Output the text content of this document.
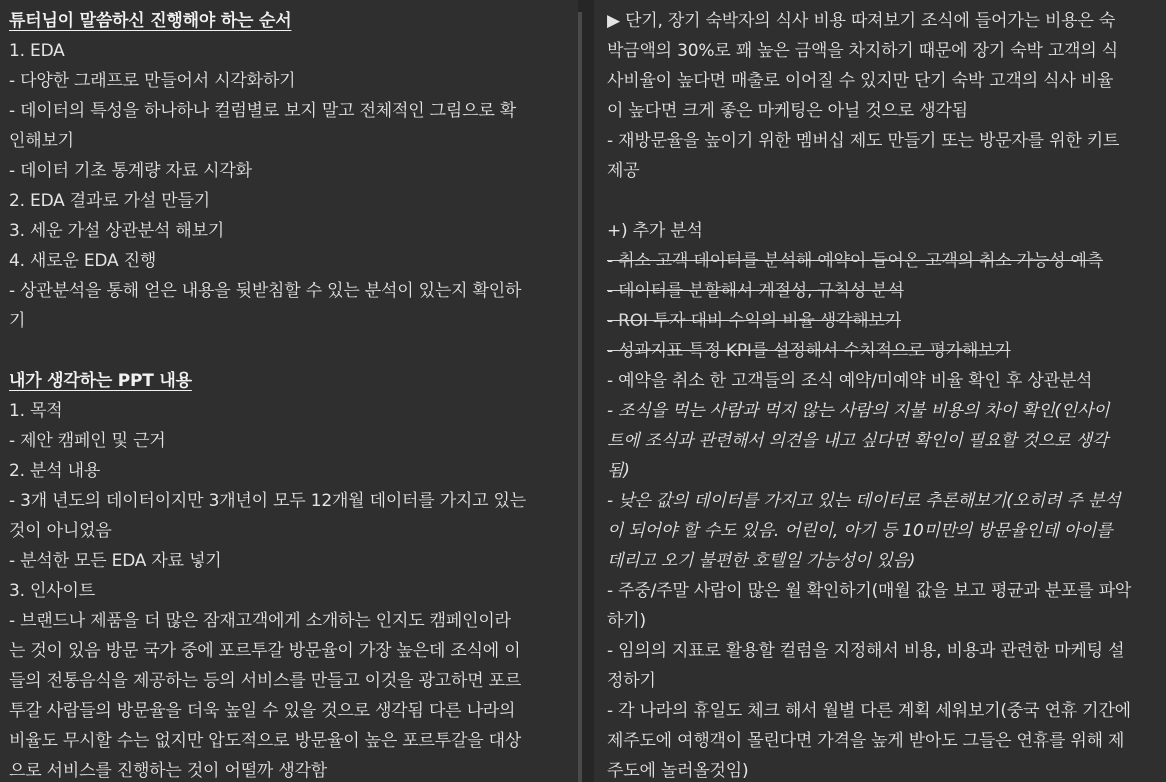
튜터님이 말씀하신 진행해야 하는 순서
1. EDA
- 다양한 그래프로 만들어서 시각화하기
- 데이터의 특성을 하나하나 컬럼별로 보지 말고 전체적인 그림으로 확
인해보기
- 데이터 기초 통계량 자료 시각화
2. EDA 결과로 가설 만들기
3. 세운 가설 상관분석 해보기
4. 새로운 EDA 진행
- 상관분석을 통해 얻은 내용을 뒷받침할 수 있는 분석이 있는지 확인하
기
내가 생각하는 PPT 내용
1. 목적
- 제안 캠페인 및 근거
2. 분석 내용
- 3개 년도의 데이터이지만 3개년이 모두 12개월 데이터를 가지고 있는
것이 아니었음
- 분석한 모든 EDA 자료 넣기
3. 인사이트
- 브랜드나 제품을 더 많은 잠재고객에게 소개하는 인지도 캠페인이라
는 것이 있음 방문 국가 중에 포르투갈 방문율이 가장 높은데 조식에 이
들의 전통음식을 제공하는 등의 서비스를 만들고 이것을 광고하면 포르
투갈 사람들의 방문율을 더욱 높일 수 있을 것으로 생각됨 다른 나라의
비율도 무시할 수는 없지만 압도적으로 방문율이 높은 포르투갈을 대상
으로 서비스를 진행하는 것이 어떨까 생각함
▶ 단기, 장기 숙박자의 식사 비용 따져보기 조식에 들어가는 비용은 숙
박금액의 30%로 꽤 높은 금액을 차지하기 때문에 장기 숙박 고객의 식
사비율이 높다면 매출로 이어질 수 있지만 단기 숙박 고객의 식사 비율
이 높다면 크게 좋은 마케팅은 아닐 것으로 생각됨
- 재방문율을 높이기 위한 멤버십 제도 만들기 또는 방문자를 위한 키트
제공
+) 추가 분석
- 취소 고객 데이터를 분석해 예약이 들어온 고객의 취소 가능성 예측
- 데이터를 분할해서 계절성, 규칙성 분석
- ROI 투자 대비 수익의 비율 생각해보기
- 성과지표 특정 KPI를 설정해서 수치적으로 평가해보기
- 예약을 취소 한 고객들의 조식 예약/미예약 비율 확인 후 상관분석
- 조식을 먹는 사람과 먹지 않는 사람의 지불 비용의 차이 확인(인사이
트에 조식과 관련해서 의견을 내고 싶다면 확인이 필요할 것으로 생각
됨)
- 낮은 값의 데이터를 가지고 있는 데이터로 추론해보기(오히려 주 분석
이 되어야 할 수도 있음. 어린이, 아기 등 10미만의 방문율인데 아이를
데리고 오기 불편한 호텔일 가능성이 있음)
- 주중/주말 사람이 많은 월 확인하기(매월 값을 보고 평균과 분포를 파악
하기)
- 임의의 지표로 활용할 컬럼을 지정해서 비용, 비용과 관련한 마케팅 설
정하기
- 각 나라의 휴일도 체크 해서 월별 다른 계획 세워보기(중국 연휴 기간에
제주도에 여행객이 몰린다면 가격을 높게 받아도 그들은 연휴를 위해 제
주도에 놀러올것임)
